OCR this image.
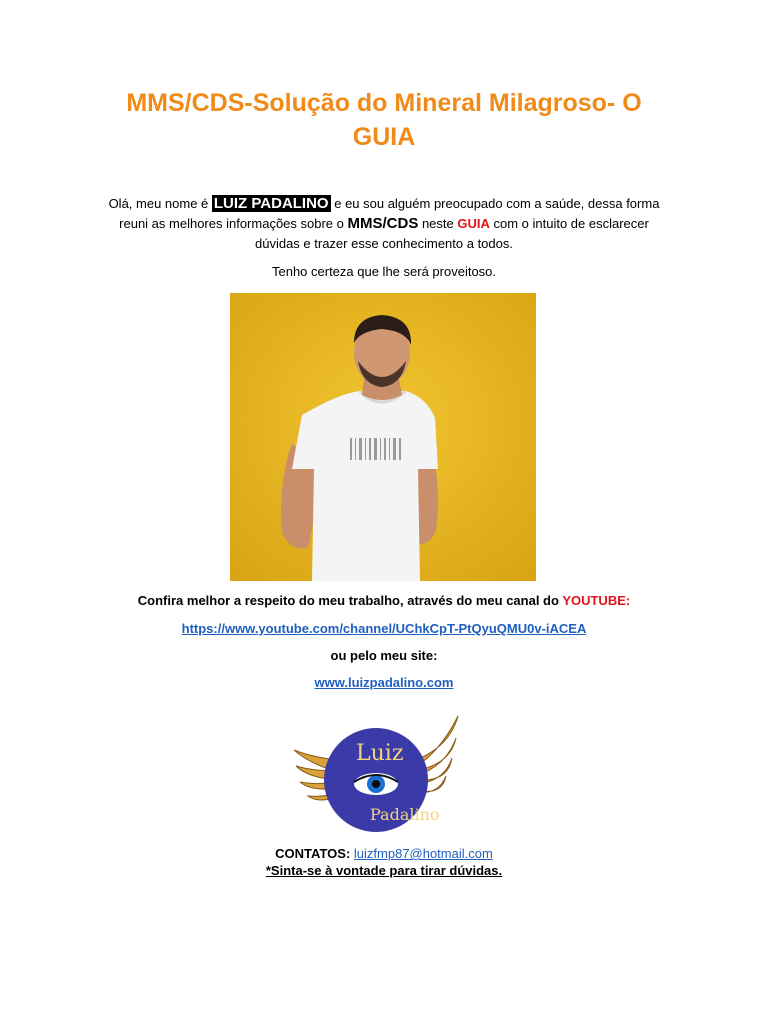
MMS/CDS-Solução do Mineral Milagroso- O
GUIA
Olá, meu nome é LUIZ PADALINO e eu sou alguém preocupado com a saúde, dessa forma
reuni as melhores informações sobre o MMS/CDS neste GUIA com o intuito de esclarecer
dúvidas e trazer esse conhecimento a todos.
Tenho certeza que lhe será proveitoso.
Confira melhor a respeito do meu trabalho, através do meu canal do YOUTUBE:
https://www.youtube.com/channel/UChkCpT-PtQyuQMU0v-iACEA
ou pelo meu site:
www.luizpadalino.com
Luiz
Padalino
CONTATOS: luizfmp87@hotmail.com
*Sinta-se à vontade para tirar dúvidas.
